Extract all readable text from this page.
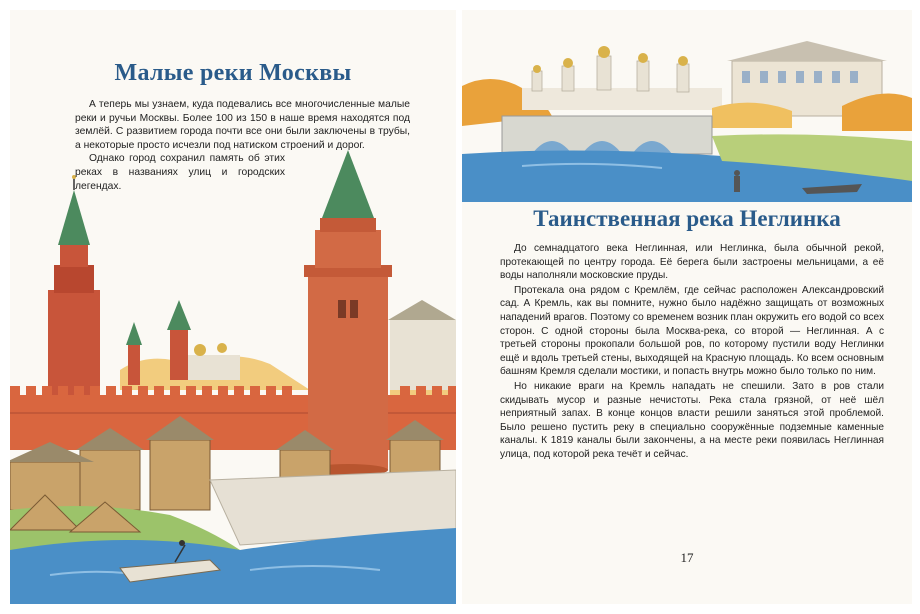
Малые реки Москвы

А теперь мы узнаем, куда подевались все многочисленные малые реки и ручьи Москвы. Более 100 из 150 в наше время находятся под землёй. С развитием города почти все они были заключены в трубы, а некоторые просто исчезли под натиском строений и дорог.

Однако город сохранил память об этих реках в названиях улиц и городских легендах.

Таинственная река Неглинка

До семнадцатого века Неглинная, или Неглинка, была обычной рекой, протекающей по центру города. Её берега были застроены мельницами, а её воды наполняли московские пруды.

Протекала она рядом с Кремлём, где сейчас расположен Александровский сад. А Кремль, как вы помните, нужно было надёжно защищать от возможных нападений врагов. Поэтому со временем возник план окружить его водой со всех сторон. С одной стороны была Москва-река, со второй — Неглинная. А с третьей стороны прокопали большой ров, по которому пустили воду Неглинки ещё и вдоль третьей стены, выходящей на Красную площадь. Ко всем основным башням Кремля сделали мостики, и попасть внутрь можно было только по ним.

Но никакие враги на Кремль нападать не спешили. Зато в ров стали скидывать мусор и разные нечистоты. Река стала грязной, от неё шёл неприятный запах. В конце концов власти решили заняться этой проблемой. Было решено пустить реку в специально сооружённые подземные каменные каналы. К 1819 каналы были закончены, а на месте реки появилась Неглинная улица, под которой река течёт и сейчас.

17
